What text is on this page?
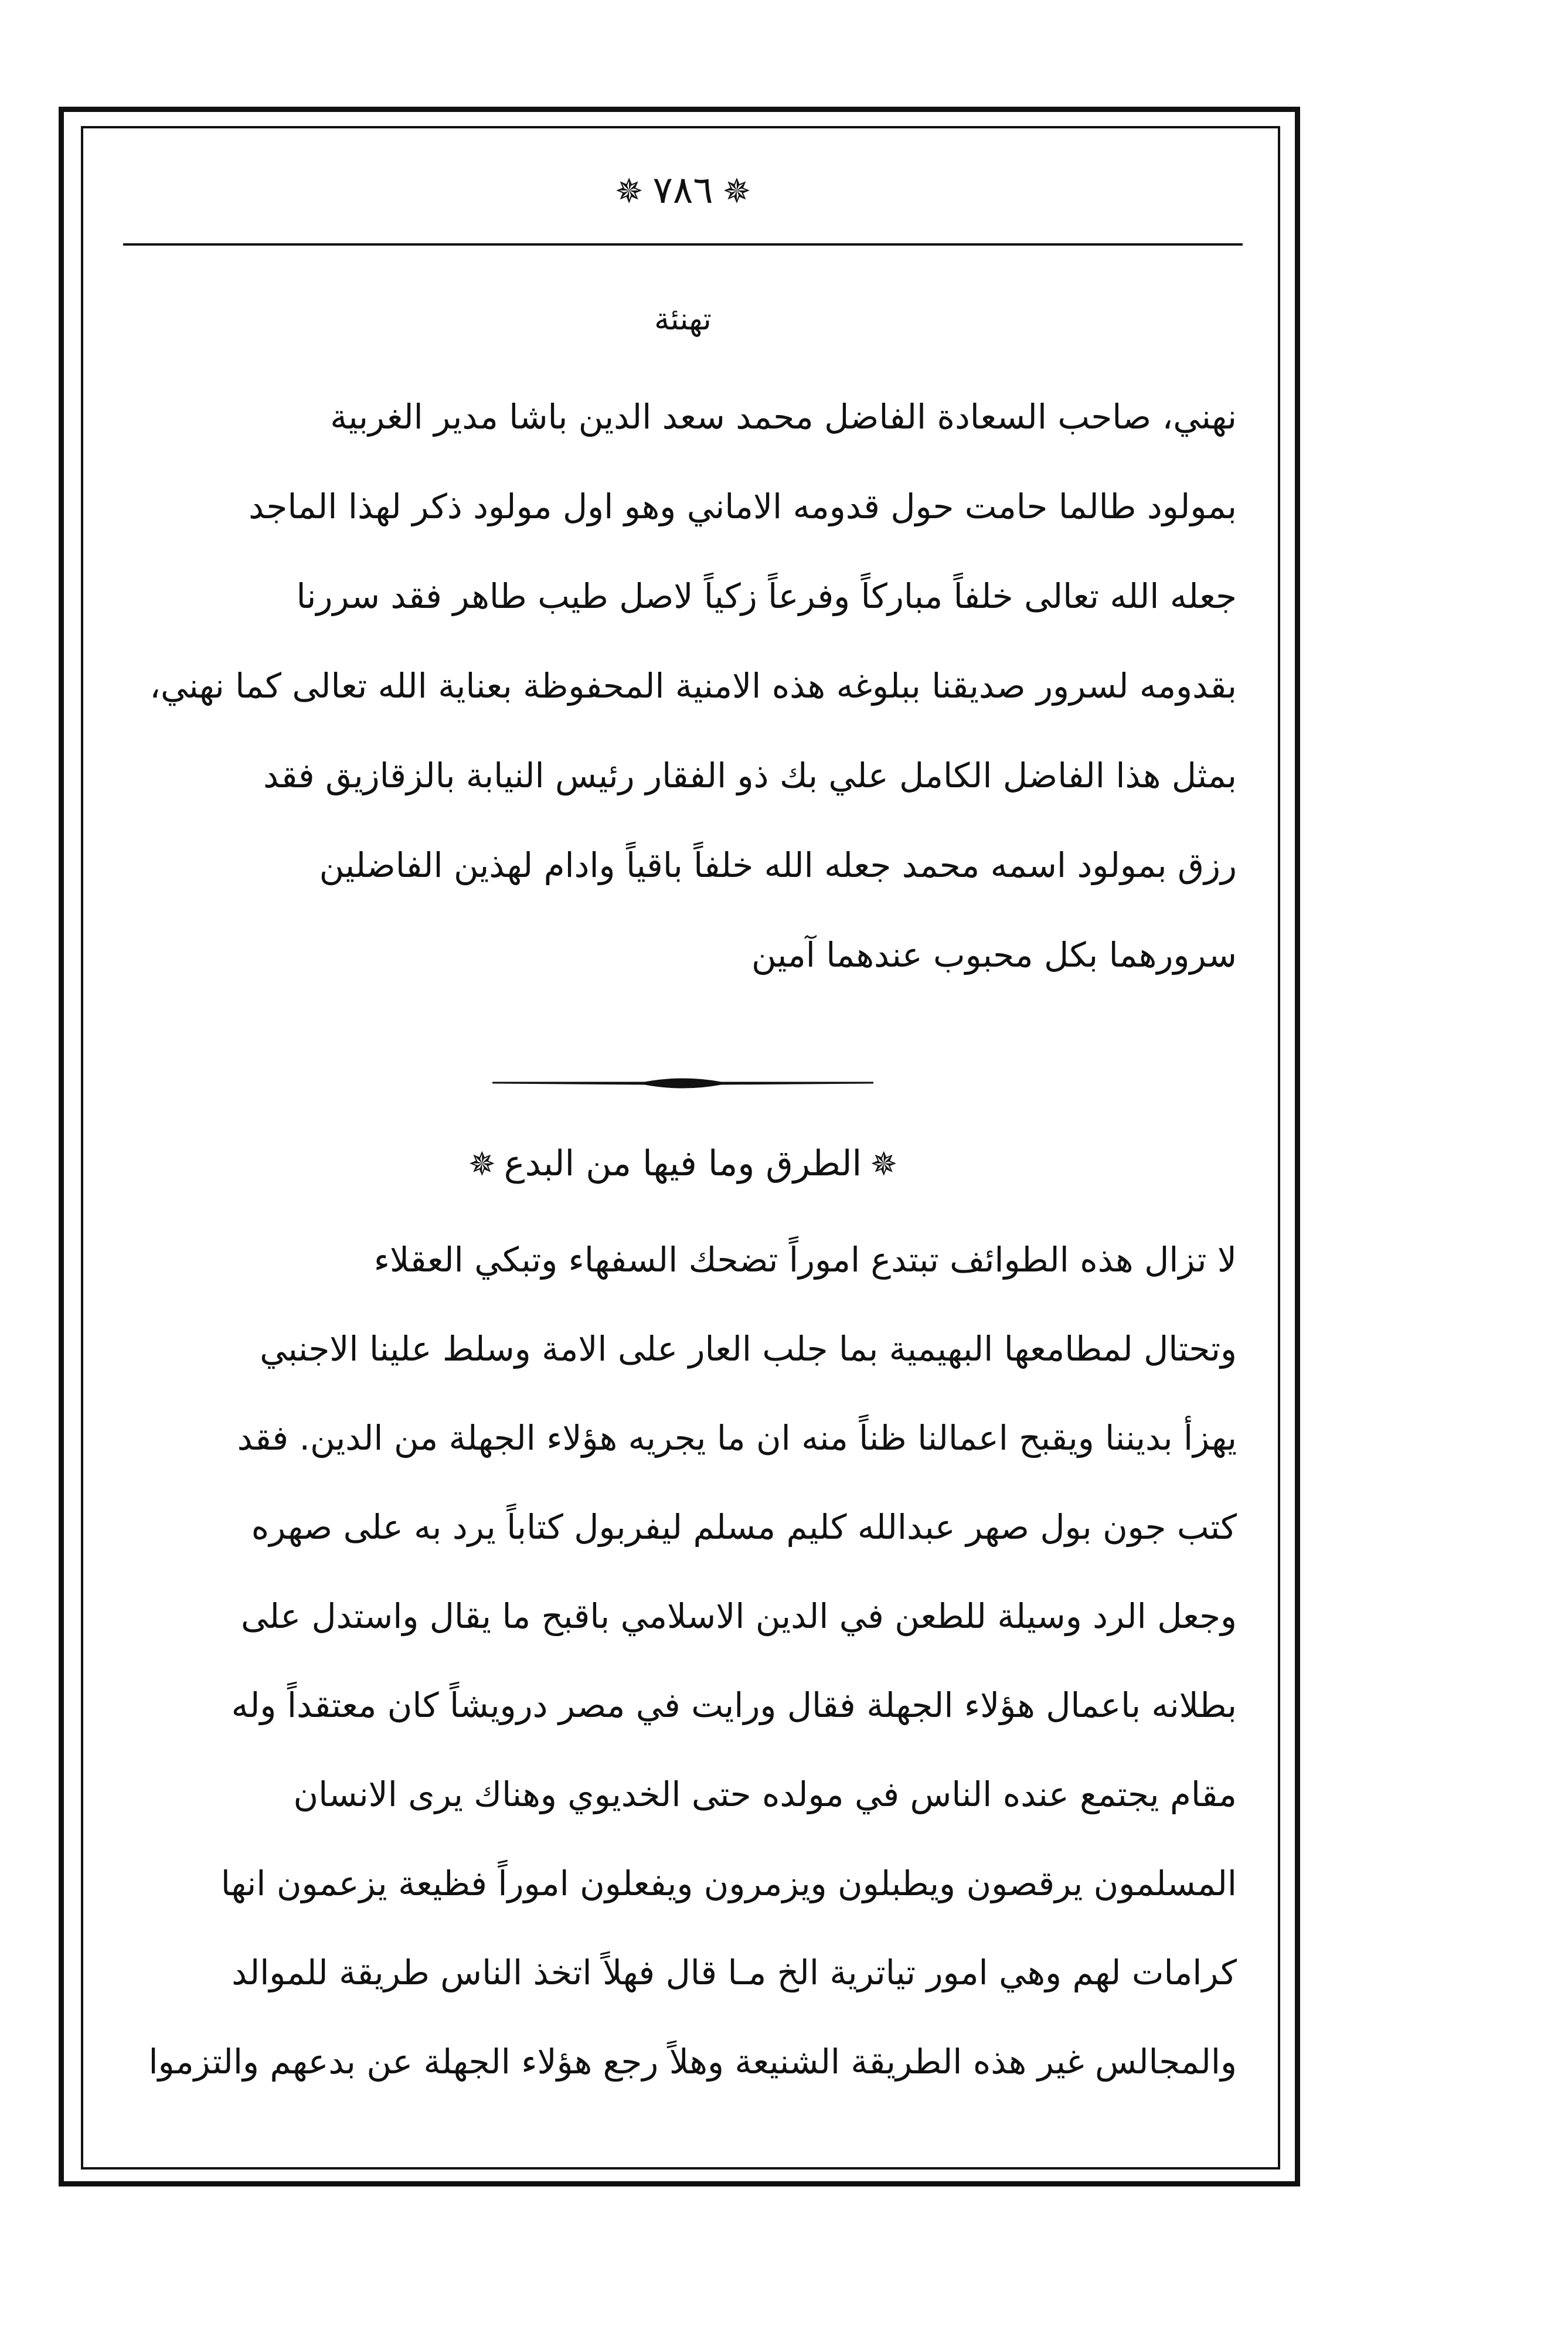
✵٧٨٦✵
تهنئة
نهني، صاحب السعادة الفاضل محمد سعد الدين باشا مدير الغربية
بمولود طالما حامت حول قدومه الاماني وهو اول مولود ذكر لهذا الماجد
جعله الله تعالى خلفاً مباركاً وفرعاً زكياً لاصل طيب طاهر فقد سررنا
بقدومه لسرور صديقنا ببلوغه هذه الامنية المحفوظة بعناية الله تعالى كما نهني،
بمثل هذا الفاضل الكامل علي بك ذو الفقار رئيس النيابة بالزقازيق فقد
رزق بمولود اسمه محمد جعله الله خلفاً باقياً وادام لهذين الفاضلين
سرورهما بكل محبوب عندهما آمين
✵الطرق وما فيها من البدع✵
لا تزال هذه الطوائف تبتدع اموراً تضحك السفهاء وتبكي العقلاء
وتحتال لمطامعها البهيمية بما جلب العار على الامة وسلط علينا الاجنبي
يهزأ بديننا ويقبح اعمالنا ظناً منه ان ما يجريه هؤلاء الجهلة من الدين. فقد
كتب جون بول صهر عبدالله كليم مسلم ليفربول كتاباً يرد به على صهره
وجعل الرد وسيلة للطعن في الدين الاسلامي باقبح ما يقال واستدل على
بطلانه باعمال هؤلاء الجهلة فقال ورايت في مصر درويشاً كان معتقداً وله
مقام يجتمع عنده الناس في مولده حتى الخديوي وهناك يرى الانسان
المسلمون يرقصون ويطبلون ويزمرون ويفعلون اموراً فظيعة يزعمون انها
كرامات لهم وهي امور تياترية الخ مـا قال فهلاً اتخذ الناس طريقة للموالد
والمجالس غير هذه الطريقة الشنيعة وهلاً رجع هؤلاء الجهلة عن بدعهم والتزموا
